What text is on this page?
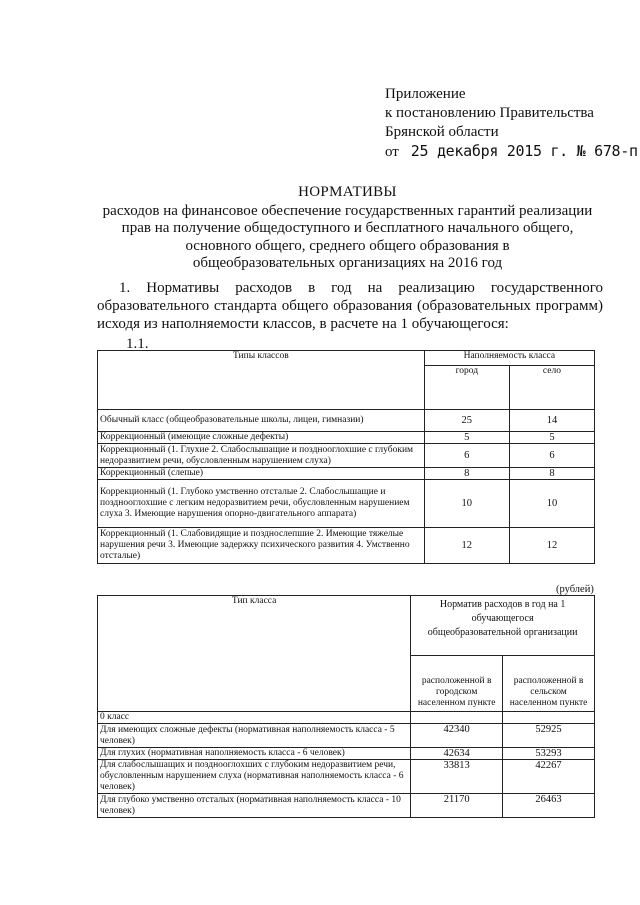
Приложение
к постановлению Правительства
Брянской области
от 25 декабря 2015 г. № 678-п
НОРМАТИВЫ
расходов на финансовое обеспечение государственных гарантий реализации
прав на получение общедоступного и бесплатного начального общего,
основного общего, среднего общего образования в
общеобразовательных организациях на 2016 год
1. Нормативы расходов в год на реализацию государственного образовательного стандарта общего образования (образовательных программ) исходя из наполняемости классов, в расчете на 1 обучающегося:
1.1.
Типы классов	Наполняемость класса	
	город	село
Обычный класс (общеобразовательные школы, лицеи, гимназии)	25	14
Коррекционный (имеющие сложные дефекты)	5	5
Коррекционный (1. Глухие 2. Слабослышащие и позднооглохшие с глубоким недоразвитием речи, обусловленным нарушением слуха)	6	6
Коррекционный (слепые)	8	8
Коррекционный (1. Глубоко умственно отсталые 2. Слабослышащие и позднооглохшие с легким недоразвитием речи, обусловленным нарушением слуха 3. Имеющие нарушения опорно-двигательного аппарата)	10	10
Коррекционный (1. Слабовидящие и позднослепшие 2. Имеющие тяжелые нарушения речи 3. Имеющие задержку психического развития 4. Умственно отсталые)	12	12
(рублей)
Тип класса	Норматив расходов в год на 1 обучающегося общеобразовательной организации	
	расположенной в городском населенном пункте	расположенной в сельском населенном пункте
0 класс		
Для имеющих сложные дефекты (нормативная наполняемость класса - 5 человек)	42340	52925
Для глухих (нормативная наполняемость класса - 6 человек)	42634	53293
Для слабослышащих и позднооглохших с глубоким недоразвитием речи, обусловленным нарушением слуха (нормативная наполняемость класса - 6 человек)	33813	42267
Для глубоко умственно отсталых (нормативная наполняемость класса - 10 человек)	21170	26463
